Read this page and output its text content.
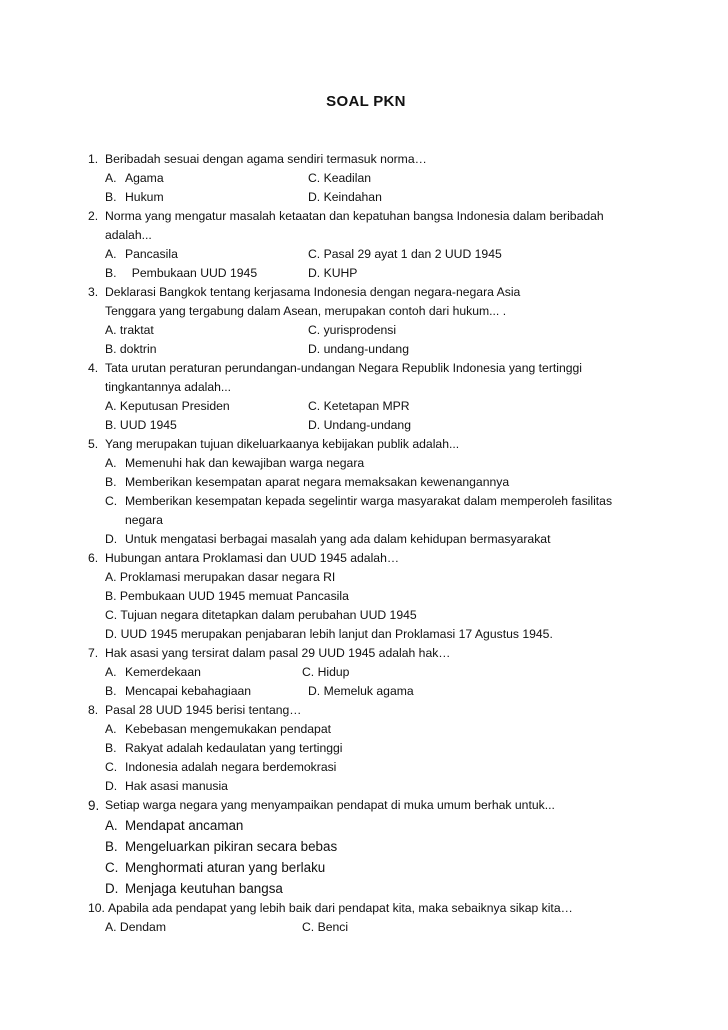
SOAL PKN
1. Beribadah sesuai dengan agama sendiri termasuk norma…
A. Agama	C. Keadilan
B. Hukum	D. Keindahan
2. Norma yang mengatur masalah ketaatan dan kepatuhan bangsa Indonesia dalam beribadah
adalah...
A. Pancasila	C. Pasal 29 ayat 1 dan 2 UUD 1945
B.  Pembukaan UUD 1945	D. KUHP
3. Deklarasi Bangkok tentang kerjasama Indonesia dengan negara-negara Asia
Tenggara yang tergabung dalam Asean, merupakan contoh dari hukum... .
A. traktat	C. yurisprodensi
B. doktrin	D. undang-undang
4. Tata urutan peraturan perundangan-undangan Negara Republik Indonesia yang tertinggi
tingkantannya adalah...
A. Keputusan Presiden	C. Ketetapan MPR
B. UUD 1945	D. Undang-undang
5. Yang merupakan tujuan dikeluarkaanya kebijakan publik adalah...
A. Memenuhi hak dan kewajiban warga negara
B. Memberikan kesempatan aparat negara memaksakan kewenangannya
C. Memberikan kesempatan kepada segelintir warga masyarakat dalam memperoleh fasilitas
negara
D. Untuk mengatasi berbagai masalah yang ada dalam kehidupan bermasyarakat
6. Hubungan antara Proklamasi dan UUD 1945 adalah…
A. Proklamasi merupakan dasar negara RI
B. Pembukaan UUD 1945 memuat Pancasila
C. Tujuan negara ditetapkan dalam perubahan UUD 1945
D. UUD 1945 merupakan penjabaran lebih lanjut dan Proklamasi 17 Agustus 1945.
7. Hak asasi yang tersirat dalam pasal 29 UUD 1945 adalah hak…
A. Kemerdekaan	C. Hidup
B. Mencapai kebahagiaan	D. Memeluk agama
8. Pasal 28 UUD 1945 berisi tentang…
A. Kebebasan mengemukakan pendapat
B. Rakyat adalah kedaulatan yang tertinggi
C. Indonesia adalah negara berdemokrasi
D. Hak asasi manusia
9. Setiap warga negara yang menyampaikan pendapat di muka umum berhak untuk...
A. Mendapat ancaman
B. Mengeluarkan pikiran secara bebas
C. Menghormati aturan yang berlaku
D. Menjaga keutuhan bangsa
10. Apabila ada pendapat yang lebih baik dari pendapat kita, maka sebaiknya sikap kita…
A. Dendam	C. Benci
